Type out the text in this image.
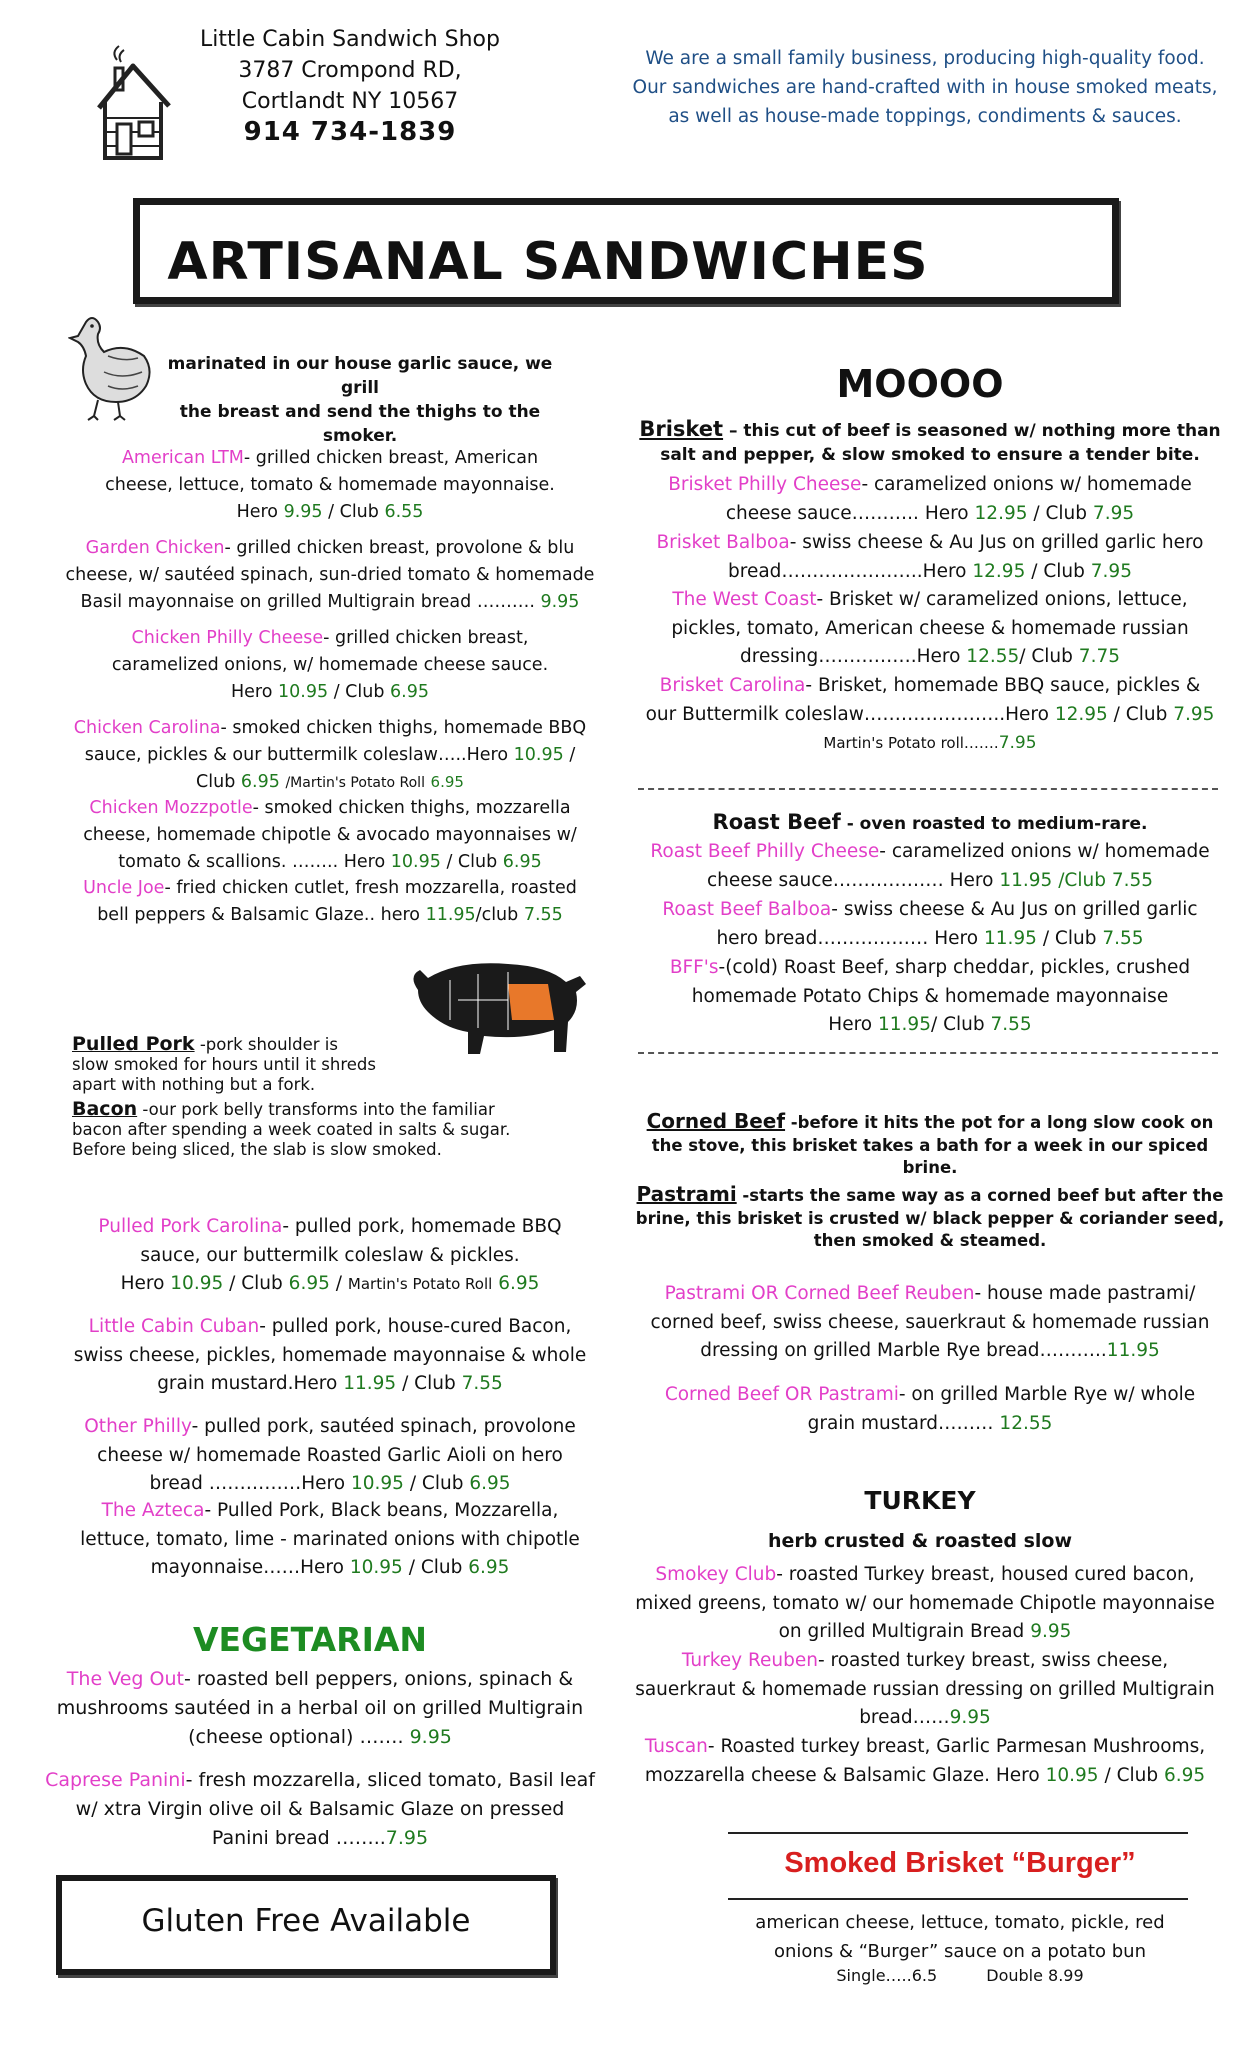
Little Cabin Sandwich Shop
3787 Crompond RD,
Cortlandt NY 10567
914 734-1839
We are a small family business, producing high-quality food.
Our sandwiches are hand-crafted with in house smoked meats,
as well as house-made toppings, condiments & sauces.
ARTISANAL SANDWICHES
marinated in our house garlic sauce, we grill
the breast and send the thighs to the smoker.
American LTM- grilled chicken breast, American
cheese, lettuce, tomato & homemade mayonnaise.
Hero 9.95 / Club 6.55
Garden Chicken- grilled chicken breast, provolone & blu
cheese, w/ sautéed spinach, sun-dried tomato & homemade
Basil mayonnaise on grilled Multigrain bread ………. 9.95
Chicken Philly Cheese- grilled chicken breast,
caramelized onions, w/ homemade cheese sauce.
Hero 10.95 / Club 6.95
Chicken Carolina- smoked chicken thighs, homemade BBQ
sauce, pickles & our buttermilk coleslaw…..Hero 10.95 /
Club 6.95 /Martin's Potato Roll 6.95
Chicken Mozzpotle- smoked chicken thighs, mozzarella
cheese, homemade chipotle & avocado mayonnaises w/
tomato & scallions. …….. Hero 10.95 / Club 6.95
Uncle Joe- fried chicken cutlet, fresh mozzarella, roasted
bell peppers & Balsamic Glaze.. hero 11.95/club 7.55
Pulled Pork -pork shoulder is
slow smoked for hours until it shreds
apart with nothing but a fork.
Bacon -our pork belly transforms into the familiar
bacon after spending a week coated in salts & sugar.
Before being sliced, the slab is slow smoked.
Pulled Pork Carolina- pulled pork, homemade BBQ
sauce, our buttermilk coleslaw & pickles.
Hero 10.95 / Club 6.95 / Martin's Potato Roll 6.95
Little Cabin Cuban- pulled pork, house-cured Bacon,
swiss cheese, pickles, homemade mayonnaise & whole
grain mustard.Hero 11.95 / Club 7.55
Other Philly- pulled pork, sautéed spinach, provolone
cheese w/ homemade Roasted Garlic Aioli on hero
bread ……………Hero 10.95 / Club 6.95
The Azteca- Pulled Pork, Black beans, Mozzarella,
lettuce, tomato, lime - marinated onions with chipotle
mayonnaise……Hero 10.95 / Club 6.95
VEGETARIAN
The Veg Out- roasted bell peppers, onions, spinach &
mushrooms sautéed in a herbal oil on grilled Multigrain
(cheese optional) ……. 9.95
Caprese Panini- fresh mozzarella, sliced tomato, Basil leaf
w/ xtra Virgin olive oil & Balsamic Glaze on pressed
Panini bread ……..7.95
Gluten Free Available
MOOOO
Brisket – this cut of beef is seasoned w/ nothing more than
salt and pepper, & slow smoked to ensure a tender bite.
Brisket Philly Cheese- caramelized onions w/ homemade
cheese sauce……….. Hero 12.95 / Club 7.95
Brisket Balboa- swiss cheese & Au Jus on grilled garlic hero
bread…………………..Hero 12.95 / Club 7.95
The West Coast- Brisket w/ caramelized onions, lettuce,
pickles, tomato, American cheese & homemade russian
dressing…………….Hero 12.55/ Club 7.75
Brisket Carolina- Brisket, homemade BBQ sauce, pickles &
our Buttermilk coleslaw…………………..Hero 12.95 / Club 7.95
Martin's Potato roll…….7.95
Roast Beef - oven roasted to medium-rare.
Roast Beef Philly Cheese- caramelized onions w/ homemade
cheese sauce……………… Hero 11.95 /Club 7.55
Roast Beef Balboa- swiss cheese & Au Jus on grilled garlic
hero bread……………… Hero 11.95 / Club 7.55
BFF's-(cold) Roast Beef, sharp cheddar, pickles, crushed
homemade Potato Chips & homemade mayonnaise
Hero 11.95/ Club 7.55
Corned Beef -before it hits the pot for a long slow cook on
the stove, this brisket takes a bath for a week in our spiced
brine.
Pastrami -starts the same way as a corned beef but after the
brine, this brisket is crusted w/ black pepper & coriander seed,
then smoked & steamed.
Pastrami OR Corned Beef Reuben- house made pastrami/
corned beef, swiss cheese, sauerkraut & homemade russian
dressing on grilled Marble Rye bread………..11.95
Corned Beef OR Pastrami- on grilled Marble Rye w/ whole
grain mustard……… 12.55
TURKEY
herb crusted & roasted slow
Smokey Club- roasted Turkey breast, housed cured bacon,
mixed greens, tomato w/ our homemade Chipotle mayonnaise
on grilled Multigrain Bread 9.95
Turkey Reuben- roasted turkey breast, swiss cheese,
sauerkraut & homemade russian dressing on grilled Multigrain
bread……9.95
Tuscan- Roasted turkey breast, Garlic Parmesan Mushrooms,
mozzarella cheese & Balsamic Glaze. Hero 10.95 / Club 6.95
Smoked Brisket “Burger”
american cheese, lettuce, tomato, pickle, red
onions & “Burger” sauce on a potato bun
Single…..6.5	Double 8.99
